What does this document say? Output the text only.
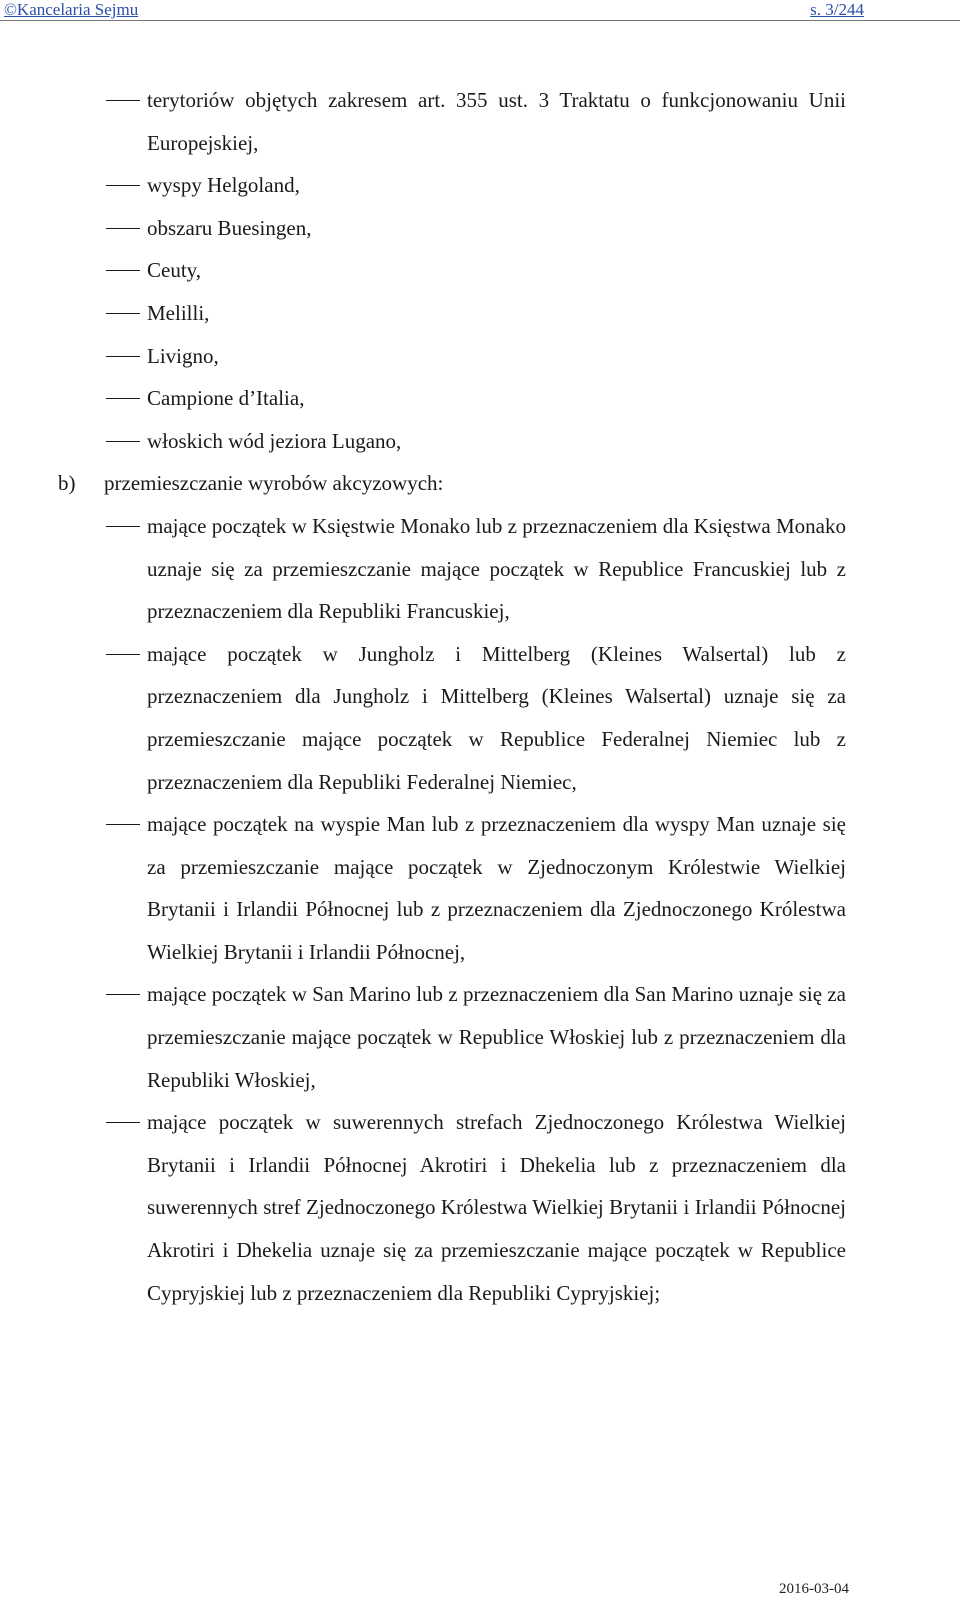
©Kancelaria Sejmu	s. 3/244
terytoriów objętych zakresem art. 355 ust. 3 Traktatu o funkcjonowaniu Unii Europejskiej,
wyspy Helgoland,
obszaru Buesingen,
Ceuty,
Melilli,
Livigno,
Campione d’Italia,
włoskich wód jeziora Lugano,
b) przemieszczanie wyrobów akcyzowych:
mające początek w Księstwie Monako lub z przeznaczeniem dla Księstwa Monako uznaje się za przemieszczanie mające początek w Republice Francuskiej lub z przeznaczeniem dla Republiki Francuskiej,
mające początek w Jungholz i Mittelberg (Kleines Walsertal) lub z przeznaczeniem dla Jungholz i Mittelberg (Kleines Walsertal) uznaje się za przemieszczanie mające początek w Republice Federalnej Niemiec lub z przeznaczeniem dla Republiki Federalnej Niemiec,
mające początek na wyspie Man lub z przeznaczeniem dla wyspy Man uznaje się za przemieszczanie mające początek w Zjednoczonym Królestwie Wielkiej Brytanii i Irlandii Północnej lub z przeznaczeniem dla Zjednoczonego Królestwa Wielkiej Brytanii i Irlandii Północnej,
mające początek w San Marino lub z przeznaczeniem dla San Marino uznaje się za przemieszczanie mające początek w Republice Włoskiej lub z przeznaczeniem dla Republiki Włoskiej,
mające początek w suwerennych strefach Zjednoczonego Królestwa Wielkiej Brytanii i Irlandii Północnej Akrotiri i Dhekelia lub z przeznaczeniem dla suwerennych stref Zjednoczonego Królestwa Wielkiej Brytanii i Irlandii Północnej Akrotiri i Dhekelia uznaje się za przemieszczanie mające początek w Republice Cypryjskiej lub z przeznaczeniem dla Republiki Cypryjskiej;
2016-03-04
